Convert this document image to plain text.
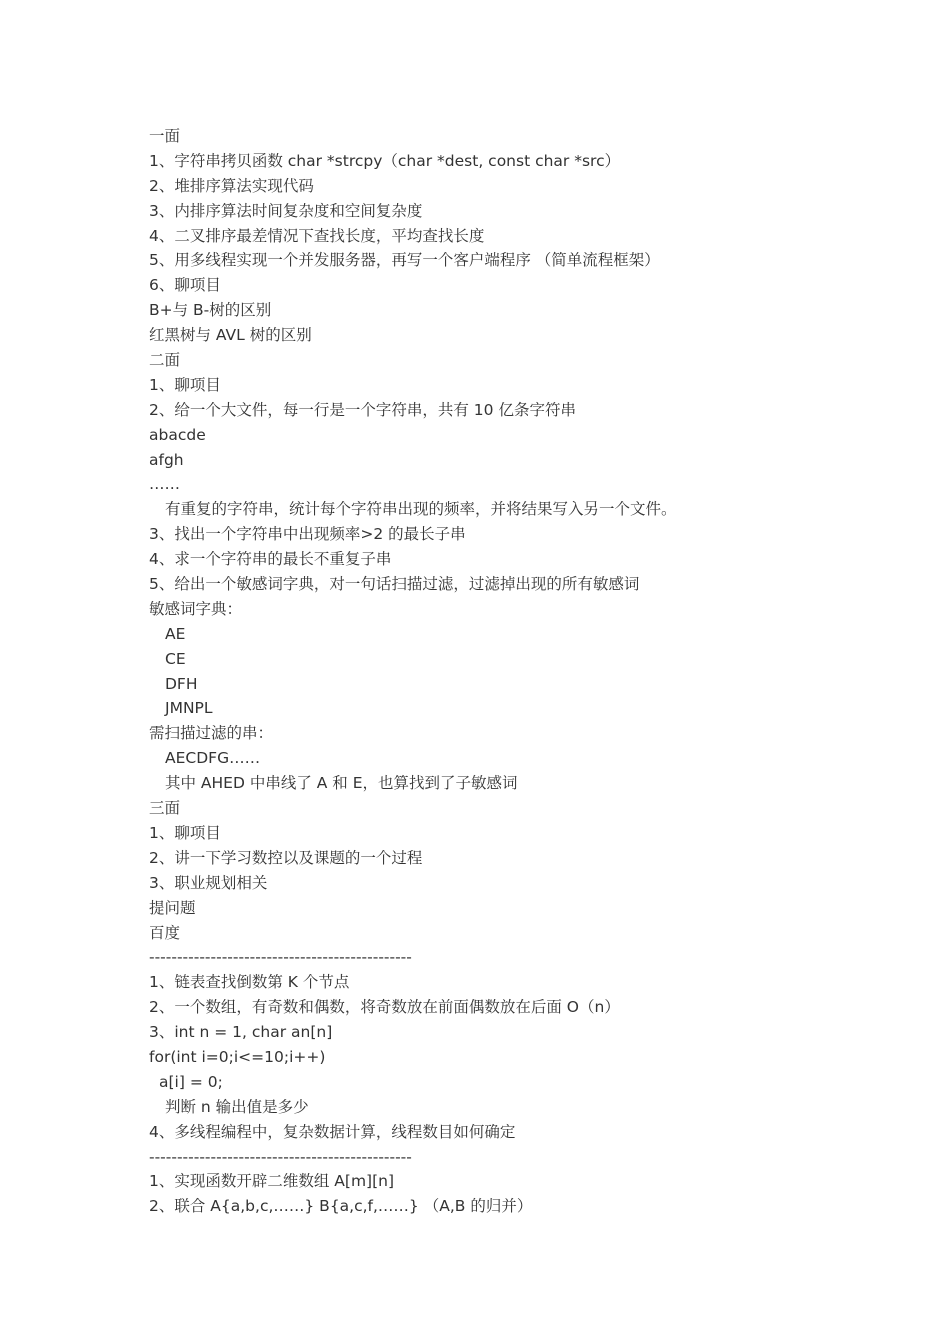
一面
1、字符串拷贝函数 char *strcpy（char *dest, const char *src）
2、堆排序算法实现代码
3、内排序算法时间复杂度和空间复杂度
4、二叉排序最差情况下查找长度，平均查找长度
5、用多线程实现一个并发服务器，再写一个客户端程序 （简单流程框架）
6、聊项目
B+与 B-树的区别
红黑树与 AVL 树的区别
二面
1、聊项目
2、给一个大文件，每一行是一个字符串，共有 10 亿条字符串
abacde
afgh
……
有重复的字符串，统计每个字符串出现的频率，并将结果写入另一个文件。
3、找出一个字符串中出现频率>2 的最长子串
4、求一个字符串的最长不重复子串
5、给出一个敏感词字典，对一句话扫描过滤，过滤掉出现的所有敏感词
敏感词字典：
AE
CE
DFH
JMNPL
需扫描过滤的串：
AECDFG……
其中 AHED 中串线了 A 和 E，也算找到了子敏感词
三面
1、聊项目
2、讲一下学习数控以及课题的一个过程
3、职业规划相关
提问题
百度
-----------------------------------------------
1、链表查找倒数第 K 个节点
2、一个数组，有奇数和偶数，将奇数放在前面偶数放在后面 O（n）
3、int n = 1, char an[n]
for(int i=0;i<=10;i++)
a[i] = 0;
判断 n 输出值是多少
4、多线程编程中，复杂数据计算，线程数目如何确定
-----------------------------------------------
1、实现函数开辟二维数组 A[m][n]
2、联合 A{a,b,c,……} B{a,c,f,……} （A,B 的归并）
